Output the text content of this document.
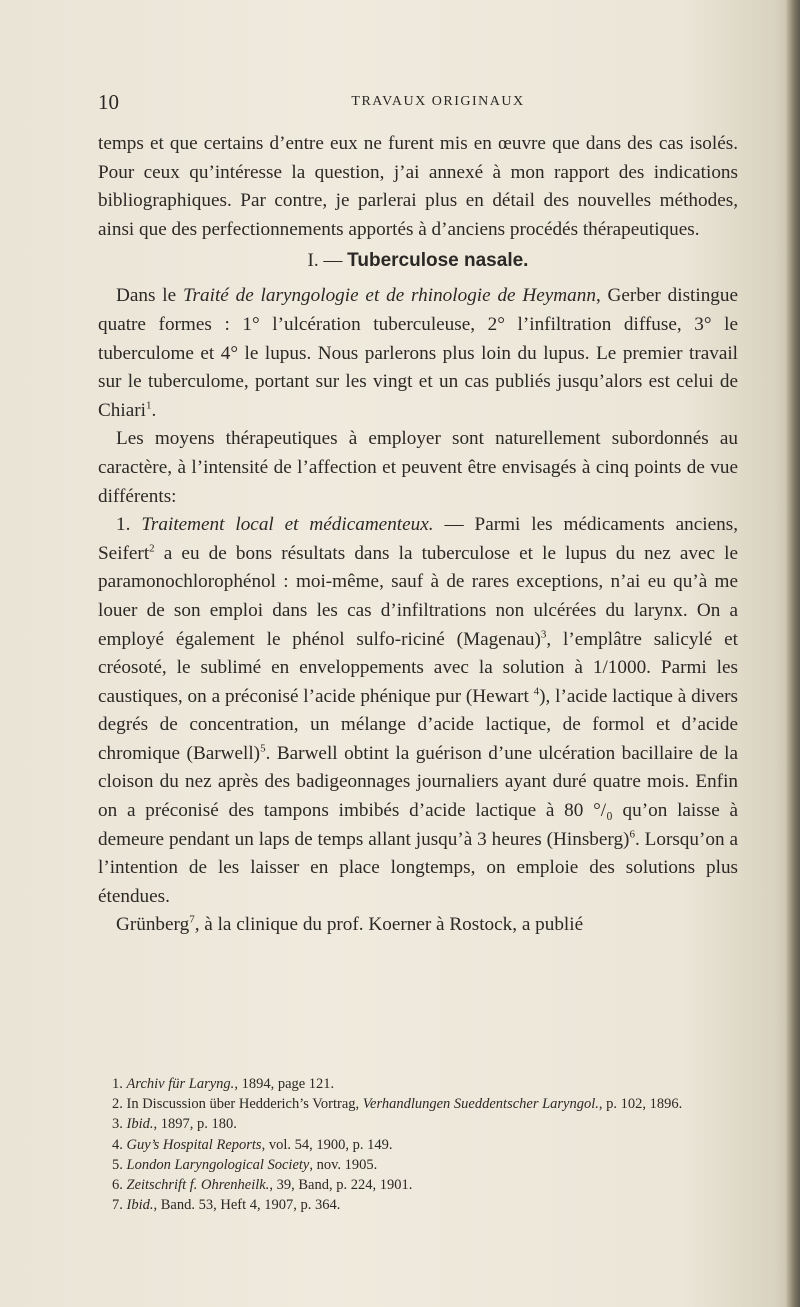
10	TRAVAUX ORIGINAUX

temps et que certains d’entre eux ne furent mis en œuvre que dans des cas isolés. Pour ceux qu’intéresse la question, j’ai annexé à mon rapport des indications bibliographiques. Par contre, je parlerai plus en détail des nouvelles méthodes, ainsi que des perfectionnements apportés à d’anciens procédés thérapeutiques.

I. — Tuberculose nasale.

Dans le Traité de laryngologie et de rhinologie de Heymann, Gerber distingue quatre formes : 1° l’ulcération tuberculeuse, 2° l’infiltration diffuse, 3° le tuberculome et 4° le lupus. Nous parlerons plus loin du lupus. Le premier travail sur le tuberculome, portant sur les vingt et un cas publiés jusqu’alors est celui de Chiari$^1$.

Les moyens thérapeutiques à employer sont naturellement subordonnés au caractère, à l’intensité de l’affection et peuvent être envisagés à cinq points de vue différents:

1. Traitement local et médicamenteux. — Parmi les médicaments anciens, Seifert$^2$ a eu de bons résultats dans la tuberculose et le lupus du nez avec le paramonochlorophénol : moi-même, sauf à de rares exceptions, n’ai eu qu’à me louer de son emploi dans les cas d’infiltrations non ulcérées du larynx. On a employé également le phénol sulfo-riciné (Magenau)$^3$, l’emplâtre salicylé et créosoté, le sublimé en enveloppements avec la solution à 1/1000. Parmi les caustiques, on a préconisé l’acide phénique pur (Hewart $^4$), l’acide lactique à divers degrés de concentration, un mélange d’acide lactique, de formol et d’acide chromique (Barwell)$^5$. Barwell obtint la guérison d’une ulcération bacillaire de la cloison du nez après des badigeonnages journaliers ayant duré quatre mois. Enfin on a préconisé des tampons imbibés d’acide lactique à 80 °/₀ qu’on laisse à demeure pendant un laps de temps allant jusqu’à 3 heures (Hinsberg)$^6$. Lorsqu’on a l’intention de les laisser en place longtemps, on emploie des solutions plus étendues.

Grünberg$^7$, à la clinique du prof. Koerner à Rostock, a publié

1. Archiv für Laryng., 1894, page 121.

2. In Discussion über Hedderich’s Vortrag, Verhandlungen Sueddentscher Laryngol., p. 102, 1896.

3. Ibid., 1897, p. 180.

4. Guy’s Hospital Reports, vol. 54, 1900, p. 149.

5. London Laryngological Society, nov. 1905.

6. Zeitschrift f. Ohrenheilk., 39, Band, p. 224, 1901.

7. Ibid., Band. 53, Heft 4, 1907, p. 364.
